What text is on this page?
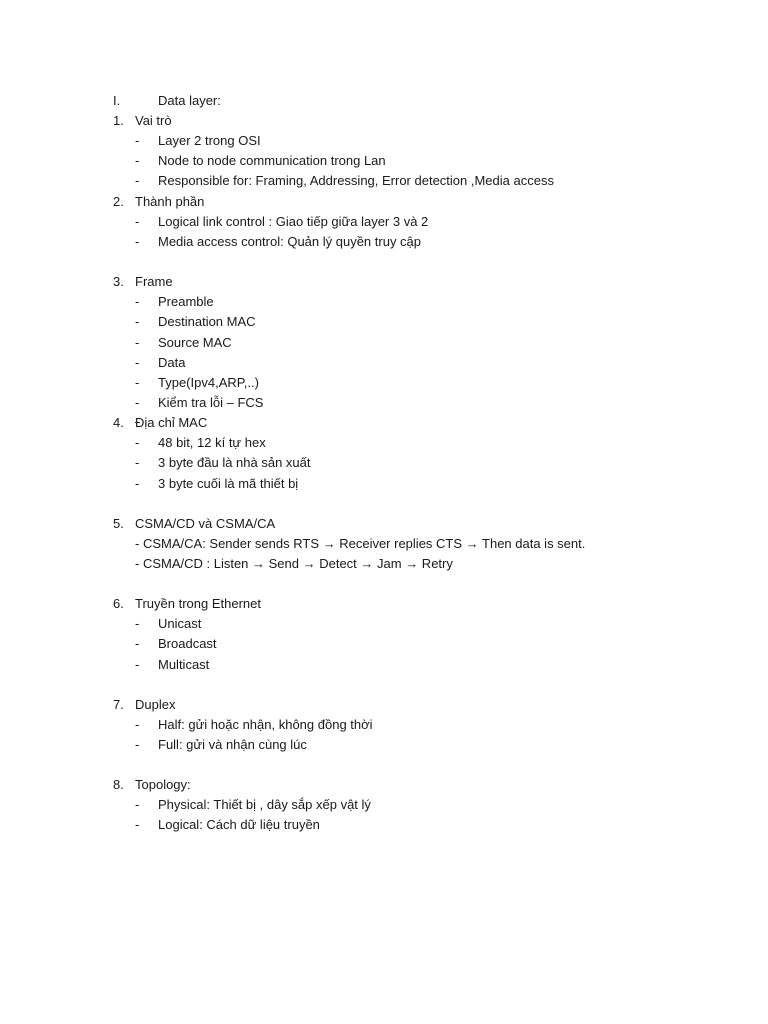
I.	Data layer:
1. Vai trò
- Layer 2 trong OSI
- Node to node communication trong Lan
- Responsible for: Framing, Addressing, Error detection ,Media access
2. Thành phần
- Logical link control : Giao tiếp giữa layer 3 và 2
- Media access control: Quản lý quyền truy cập
3. Frame
- Preamble
- Destination MAC
- Source MAC
- Data
- Type(Ipv4,ARP,..)
- Kiểm tra lỗi – FCS
4. Địa chỉ MAC
- 48 bit, 12 kí tự hex
- 3 byte đầu là nhà sản xuất
- 3 byte cuối là mã thiết bị
5. CSMA/CD và CSMA/CA
- CSMA/CA: Sender sends RTS → Receiver replies CTS → Then data is sent.
- CSMA/CD : Listen → Send → Detect → Jam → Retry
6. Truyền trong Ethernet
- Unicast
- Broadcast
- Multicast
7. Duplex
- Half: gửi hoặc nhận, không đồng thời
- Full: gửi và nhận cùng lúc
8. Topology:
- Physical: Thiết bị , dây sắp xếp vật lý
- Logical: Cách dữ liệu truyền
